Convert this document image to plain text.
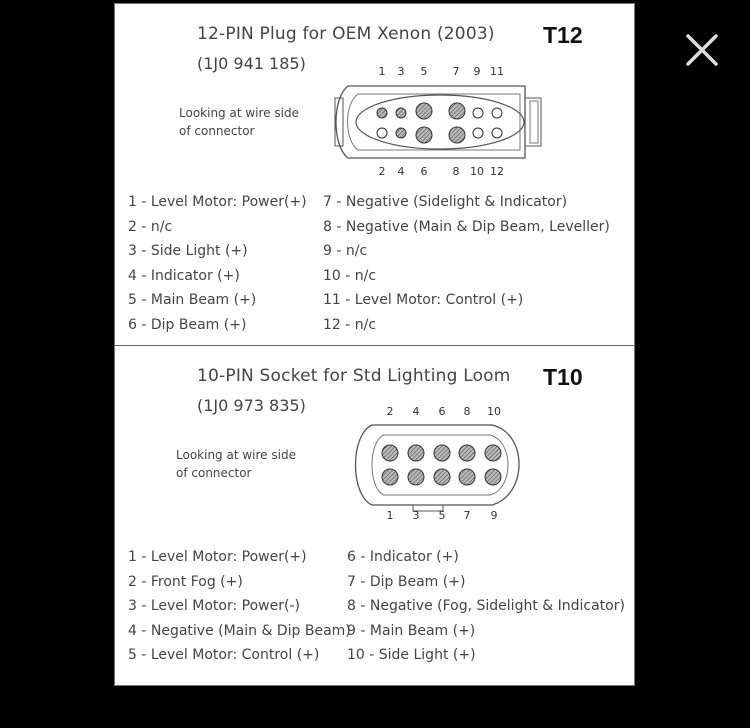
12-PIN Plug for OEM Xenon (2003)
(1J0 941 185)
T12
Looking at wire side
of connector
1 3 5 7 9 11
2 4 6 8 10 12
1 - Level Motor: Power(+)
2 - n/c
3 - Side Light (+)
4 - Indicator (+)
5 - Main Beam (+)
6 - Dip Beam (+)
7 - Negative (Sidelight & Indicator)
8 - Negative (Main & Dip Beam, Leveller)
9 - n/c
10 - n/c
11 - Level Motor: Control (+)
12 - n/c
10-PIN Socket for Std Lighting Loom
(1J0 973 835)
T10
Looking at wire side
of connector
2 4 6 8 10
1 3 5 7 9
1 - Level Motor: Power(+)
2 - Front Fog (+)
3 - Level Motor: Power(-)
4 - Negative (Main & Dip Beam)
5 - Level Motor: Control (+)
6 - Indicator (+)
7 - Dip Beam (+)
8 - Negative (Fog, Sidelight & Indicator)
9 - Main Beam (+)
10 - Side Light (+)
